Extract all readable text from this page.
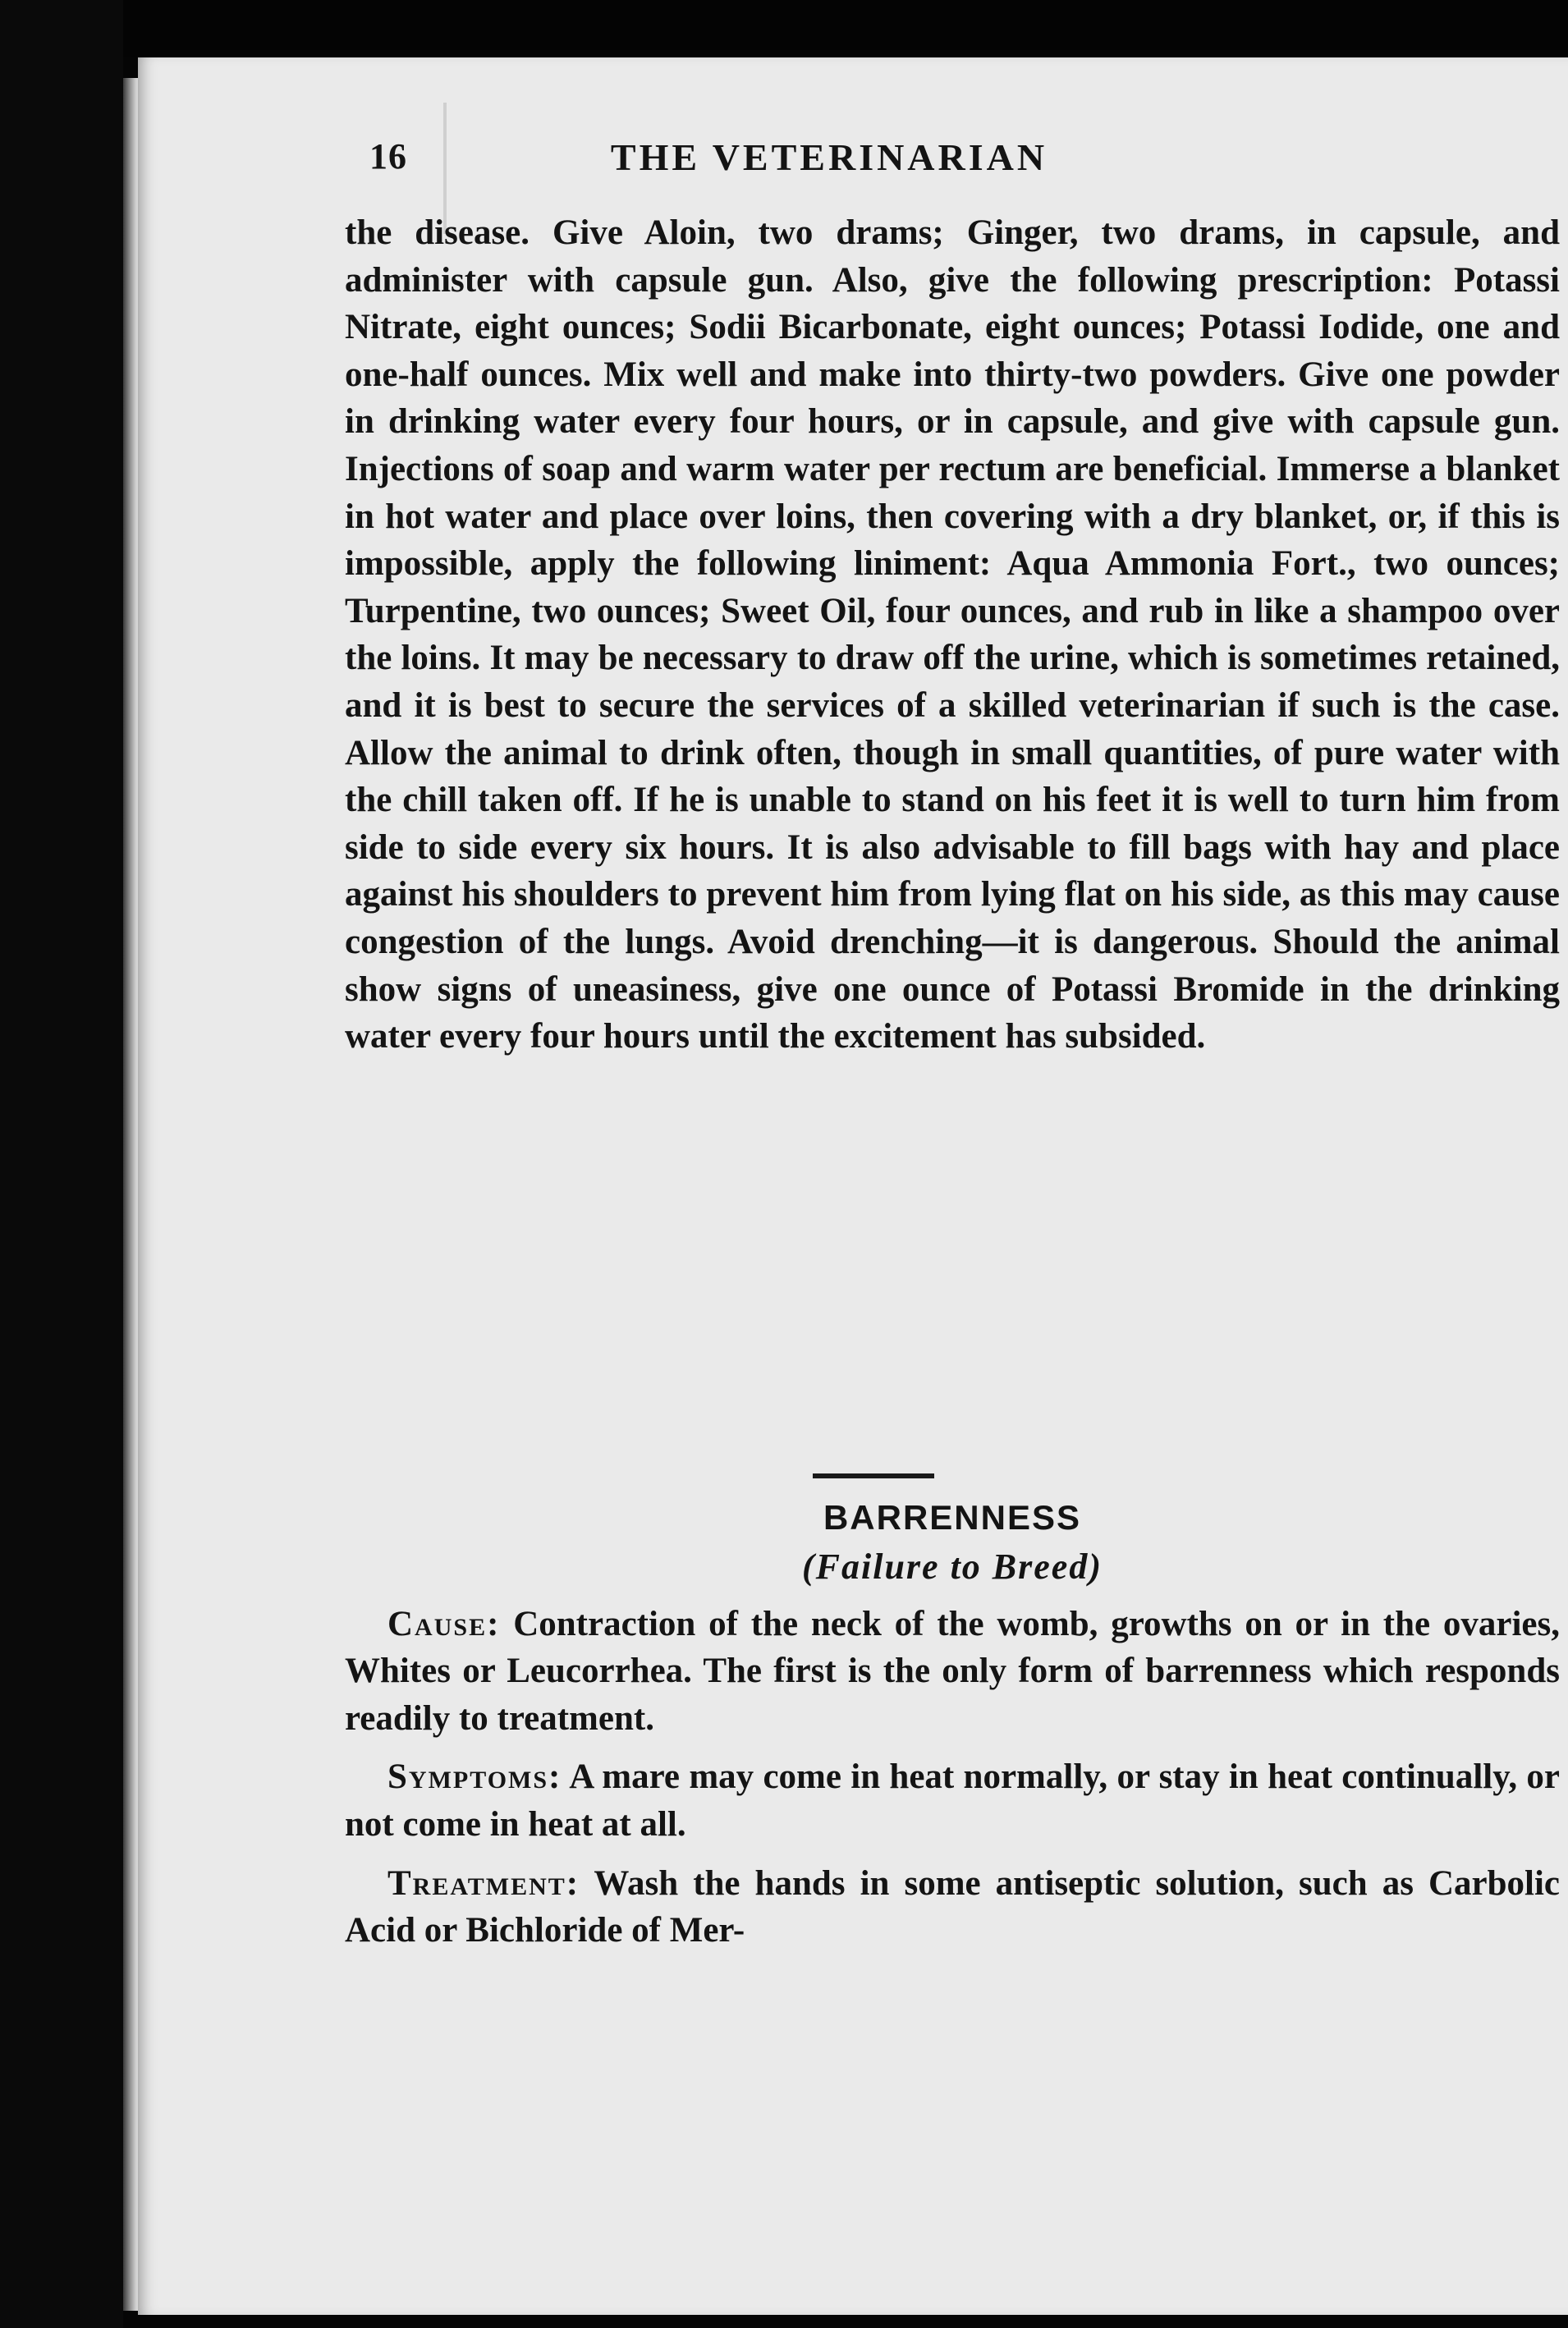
16	THE VETERINARIAN
the disease. Give Aloin, two drams; Ginger, two drams, in capsule, and administer with capsule gun. Also, give the following prescription: Potassi Nitrate, eight ounces; Sodii Bicarbonate, eight ounces; Potassi Iodide, one and one-half ounces. Mix well and make into thirty-two powders. Give one powder in drinking water every four hours, or in capsule, and give with capsule gun. Injections of soap and warm water per rectum are beneficial. Immerse a blanket in hot water and place over loins, then covering with a dry blanket, or, if this is impossible, apply the following liniment: Aqua Ammonia Fort., two ounces; Turpentine, two ounces; Sweet Oil, four ounces, and rub in like a shampoo over the loins. It may be necessary to draw off the urine, which is sometimes retained, and it is best to secure the services of a skilled veterinarian if such is the case. Allow the animal to drink often, though in small quantities, of pure water with the chill taken off. If he is unable to stand on his feet it is well to turn him from side to side every six hours. It is also advisable to fill bags with hay and place against his shoulders to prevent him from lying flat on his side, as this may cause congestion of the lungs. Avoid drenching—it is dangerous. Should the animal show signs of uneasiness, give one ounce of Potassi Bromide in the drinking water every four hours until the excitement has subsided.
BARRENNESS
(Failure to Breed)

Cause: Contraction of the neck of the womb, growths on or in the ovaries, Whites or Leucorrhea. The first is the only form of barrenness which responds readily to treatment.

Symptoms: A mare may come in heat normally, or stay in heat continually, or not come in heat at all.

Treatment: Wash the hands in some antiseptic solution, such as Carbolic Acid or Bichloride of Mer-
